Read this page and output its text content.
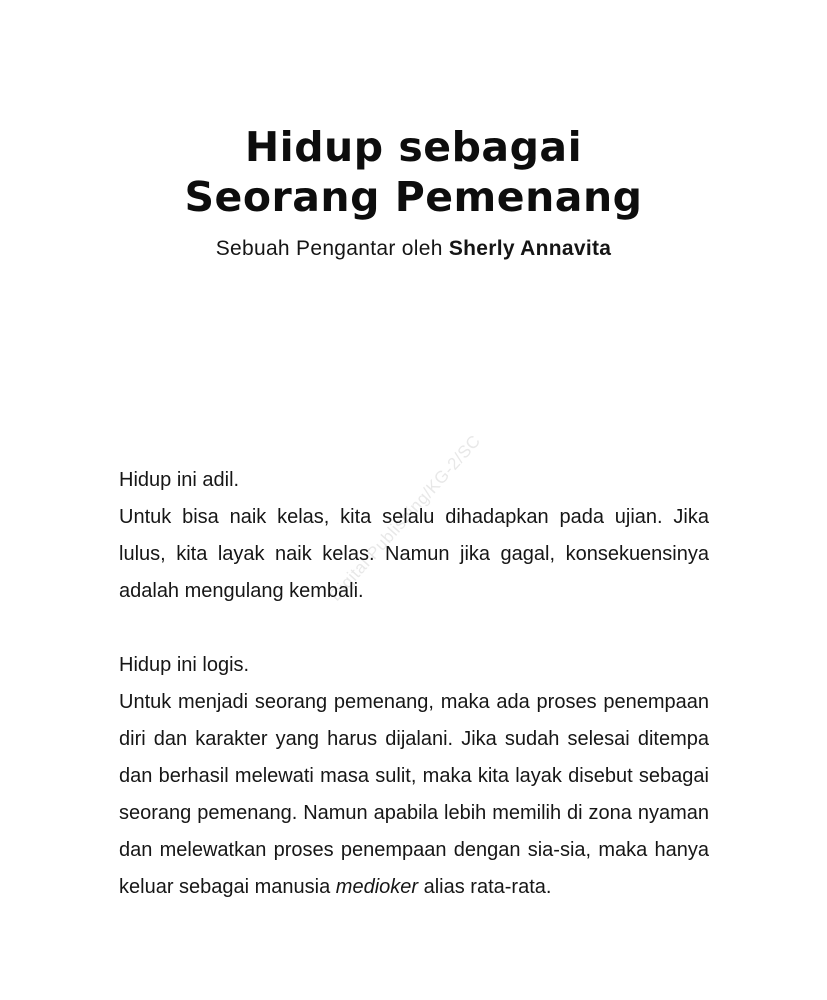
Digital Publishing/KG-2/SC
Hidup sebagai
Seorang Pemenang
Sebuah Pengantar oleh Sherly Annavita

Hidup ini adil.

Untuk bisa naik kelas, kita selalu dihadapkan pada ujian. Jika lulus, kita layak naik kelas. Namun jika gagal, konsekuensinya adalah mengulang kembali.

Hidup ini logis.

Untuk menjadi seorang pemenang, maka ada proses penempaan diri dan karakter yang harus dijalani. Jika sudah selesai ditempa dan berhasil melewati masa sulit, maka kita layak disebut sebagai seorang pemenang. Namun apabila lebih memilih di zona nyaman dan melewatkan proses penempaan dengan sia-sia, maka hanya keluar sebagai manusia medioker alias rata-rata.
